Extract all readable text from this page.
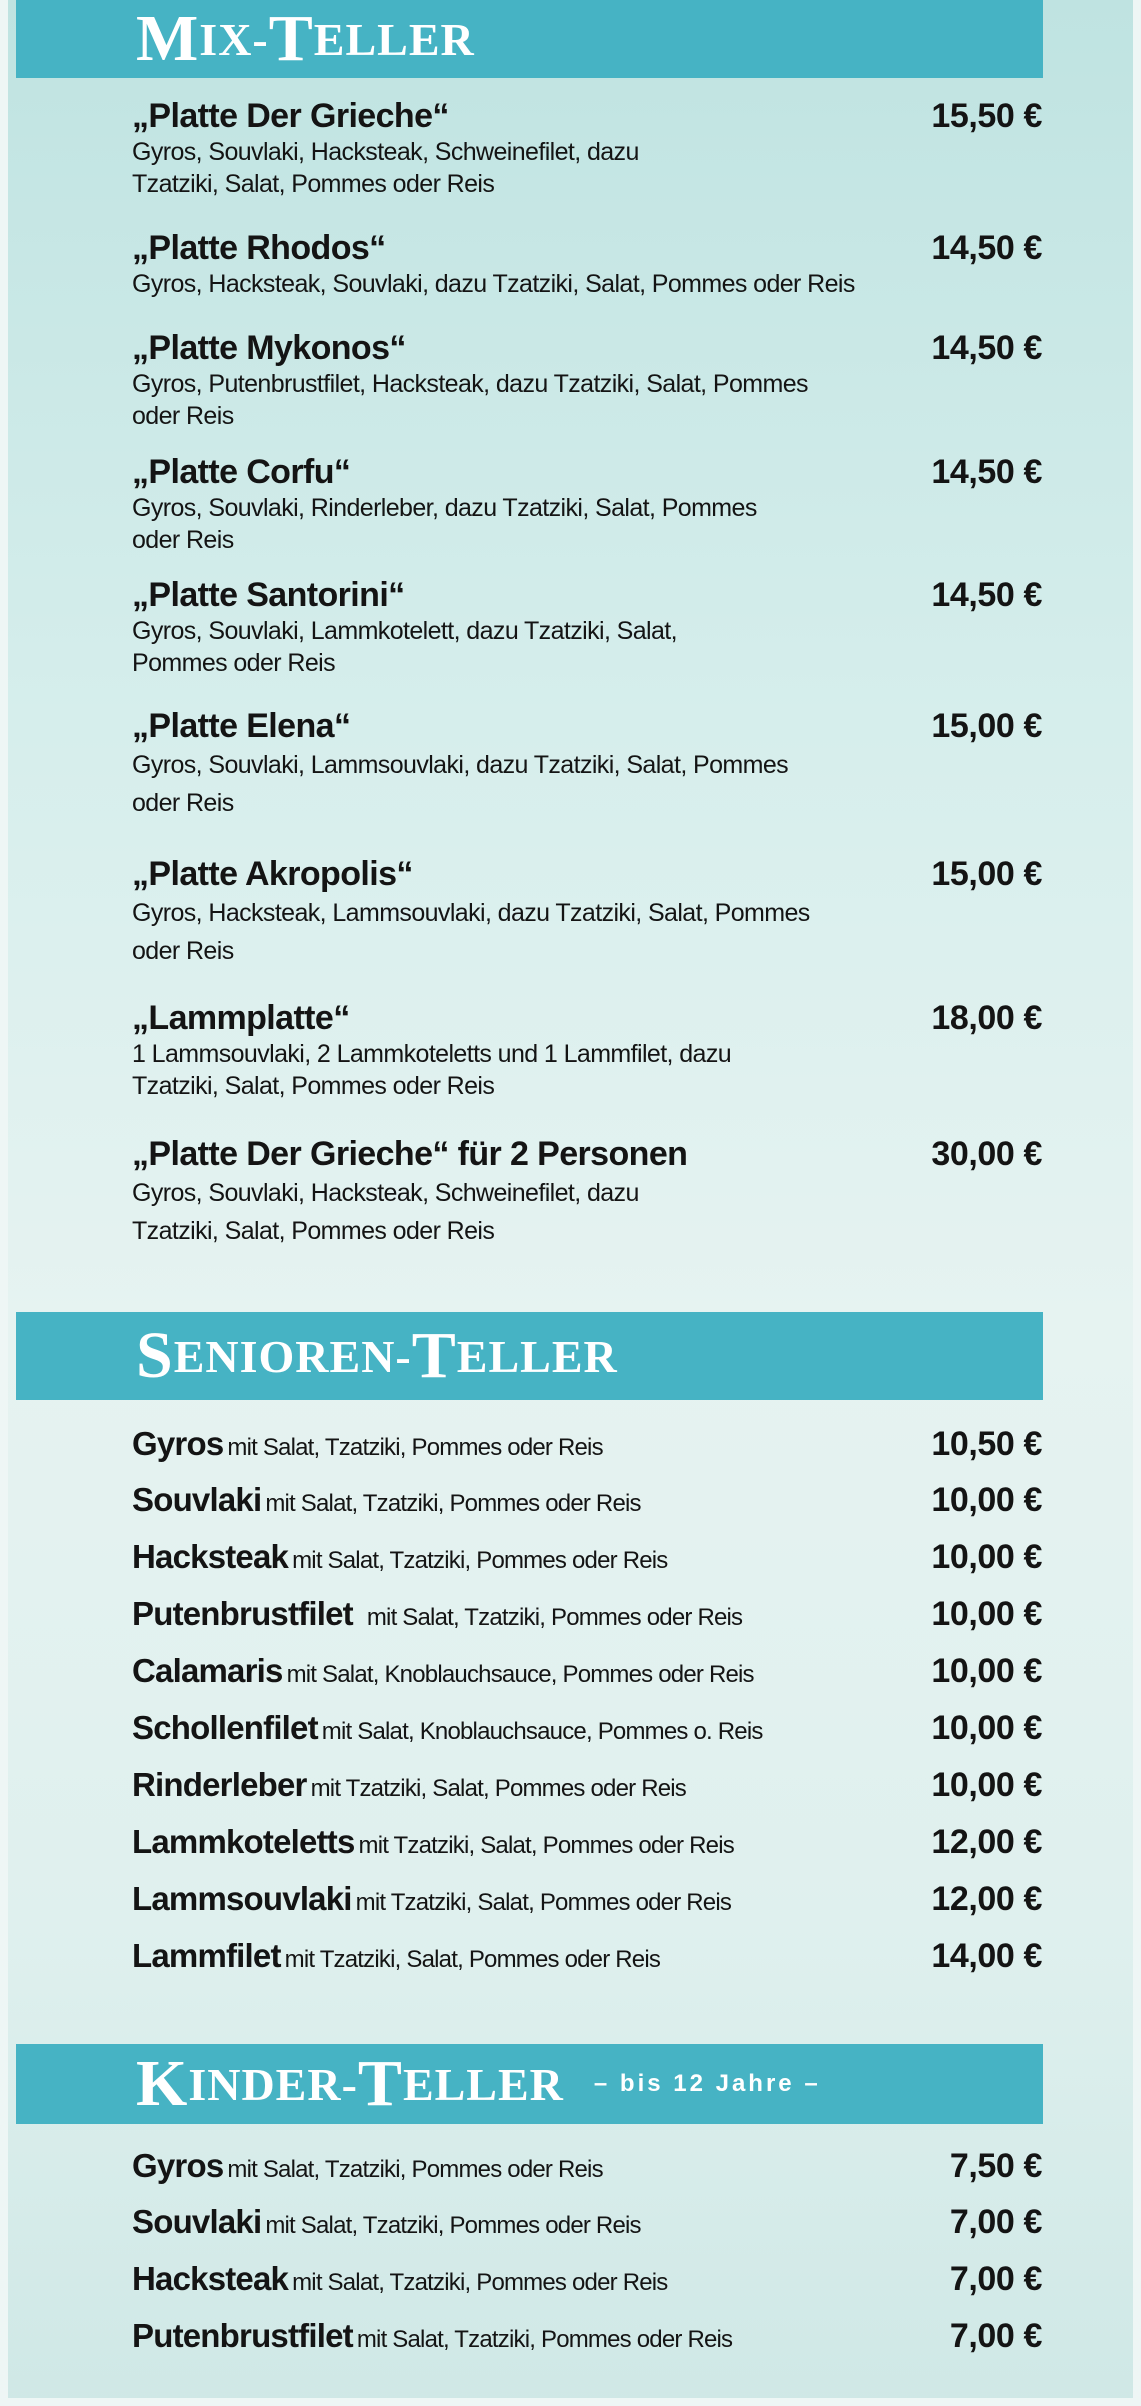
M IX- T ELLER
„Platte Der Grieche“
Gyros, Souvlaki, Hacksteak, Schweinefilet, dazu Tzatziki, Salat, Pommes oder Reis
15,50 €
„Platte Rhodos“
Gyros, Hacksteak, Souvlaki, dazu Tzatziki, Salat, Pommes oder Reis
14,50 €
„Platte Mykonos“
Gyros, Putenbrustfilet, Hacksteak, dazu Tzatziki, Salat, Pommes oder Reis
14,50 €
„Platte Corfu“
Gyros, Souvlaki, Rinderleber, dazu Tzatziki, Salat, Pommes oder Reis
14,50 €
„Platte Santorini“
Gyros, Souvlaki, Lammkotelett, dazu Tzatziki, Salat, Pommes oder Reis
14,50 €
„Platte Elena“
Gyros, Souvlaki, Lammsouvlaki, dazu Tzatziki, Salat, Pommes oder Reis
15,00 €
„Platte Akropolis“
Gyros, Hacksteak, Lammsouvlaki, dazu Tzatziki, Salat, Pommes oder Reis
15,00 €
„Lammplatte“
1 Lammsouvlaki, 2 Lammkoteletts und 1 Lammfilet, dazu Tzatziki, Salat, Pommes oder Reis
18,00 €
„Platte Der Grieche“ für 2 Personen
Gyros, Souvlaki, Hacksteak, Schweinefilet, dazu Tzatziki, Salat, Pommes oder Reis
30,00 €
S ENIOREN- T ELLER
Gyros mit Salat, Tzatziki, Pommes oder Reis	10,50 €
Souvlaki mit Salat, Tzatziki, Pommes oder Reis	10,00 €
Hacksteak mit Salat, Tzatziki, Pommes oder Reis	10,00 €
Putenbrustfilet mit Salat, Tzatziki, Pommes oder Reis	10,00 €
Calamaris mit Salat, Knoblauchsauce, Pommes oder Reis	10,00 €
Schollenfilet mit Salat, Knoblauchsauce, Pommes o. Reis	10,00 €
Rinderleber mit Tzatziki, Salat, Pommes oder Reis	10,00 €
Lammkoteletts mit Tzatziki, Salat, Pommes oder Reis	12,00 €
Lammsouvlaki mit Tzatziki, Salat, Pommes oder Reis	12,00 €
Lammfilet mit Tzatziki, Salat, Pommes oder Reis	14,00 €
K INDER- T ELLER – bis 12 Jahre –
Gyros mit Salat, Tzatziki, Pommes oder Reis	7,50 €
Souvlaki mit Salat, Tzatziki, Pommes oder Reis	7,00 €
Hacksteak mit Salat, Tzatziki, Pommes oder Reis	7,00 €
Putenbrustfilet mit Salat, Tzatziki, Pommes oder Reis	7,00 €
